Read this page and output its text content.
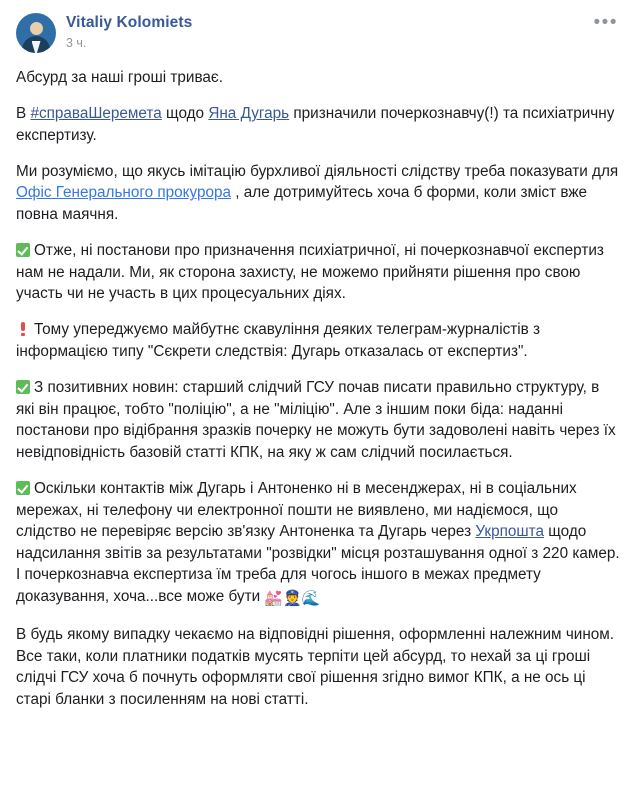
Vitaliy Kolomiets
3 ч.
•••

Абсурд за наші гроші триває.

В #справаШеремета щодо Яна Дугарь призначили почеркознавчу(!) та психіатричну експертизу.

Ми розуміємо, що якусь імітацію бурхливої діяльності слідству треба показувати для Офіс Генерального прокурора , але дотримуйтесь хоча б форми, коли зміст вже повна маячня.

Отже, ні постанови про призначення психіатричної, ні почеркознавчої експертиз нам не надали. Ми, як сторона захисту, не можемо прийняти рішення про свою участь чи не участь в цих процесуальних діях.

Тому упереджуємо майбутнє скавуління деяких телеграм-журналістів з інформацією типу "Сєкрети следствія: Дугарь отказалась от експертиз".

З позитивних новин: старший слідчий ГСУ почав писати правильно структуру, в які він працює, тобто "поліцію", а не "міліцію". Але з іншим поки біда: наданні постанови про відібрання зразків почерку не можуть бути задоволені навіть через їх невідповідність базовій статті КПК, на яку ж сам слідчий посилається.

Оскільки контактів між Дугарь і Антоненко ні в месенджерах, ні в соціальних мережах, ні телефону чи електронної пошти не виявлено, ми надіємося, що слідство не перевіряє версію зв'язку Антоненка та Дугарь через Укрпошта щодо надсилання звітів за результатами "розвідки" місця розташування одної з 220 камер. І почеркознавча експертиза їм треба для чогось іншого в межах предмету доказування, хоча...все може бути 💒👮🌊

В будь якому випадку чекаємо на відповідні рішення, оформленні належним чином. Все таки, коли платники податків мусять терпіти цей абсурд, то нехай за ці гроші слідчі ГСУ хоча б почнуть оформляти свої рішення згідно вимог КПК, а не ось ці старі бланки з посиленням на нові статті.
